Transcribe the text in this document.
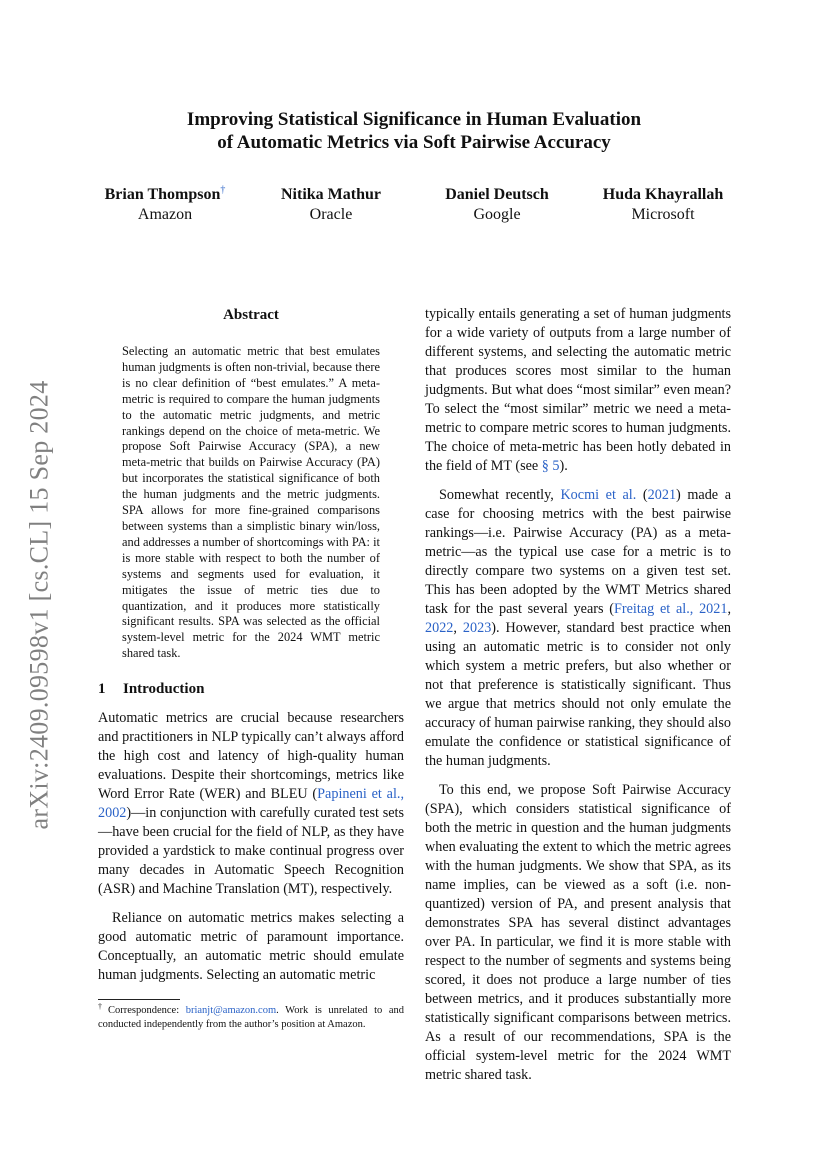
arXiv:2409.09598v1 [cs.CL] 15 Sep 2024
Improving Statistical Significance in Human Evaluation
of Automatic Metrics via Soft Pairwise Accuracy
Brian Thompson†
Amazon
Nitika Mathur
Oracle
Daniel Deutsch
Google
Huda Khayrallah
Microsoft
Abstract
Selecting an automatic metric that best emulates human judgments is often non-trivial, because there is no clear definition of “best emulates.” A meta-metric is required to compare the human judgments to the automatic metric judgments, and metric rankings depend on the choice of meta-metric. We propose Soft Pairwise Accuracy (SPA), a new meta-metric that builds on Pairwise Accuracy (PA) but incorporates the statistical significance of both the human judgments and the metric judgments. SPA allows for more fine-grained comparisons between systems than a simplistic binary win/loss, and addresses a number of shortcomings with PA: it is more stable with respect to both the number of systems and segments used for evaluation, it mitigates the issue of metric ties due to quantization, and it produces more statistically significant results. SPA was selected as the official system-level metric for the 2024 WMT metric shared task.
1 Introduction

Automatic metrics are crucial because researchers and practitioners in NLP typically can’t always afford the high cost and latency of high-quality human evaluations. Despite their shortcomings, metrics like Word Error Rate (WER) and BLEU (Papineni et al., 2002)—in conjunction with carefully curated test sets—have been crucial for the field of NLP, as they have provided a yardstick to make continual progress over many decades in Automatic Speech Recognition (ASR) and Machine Translation (MT), respectively.

Reliance on automatic metrics makes selecting a good automatic metric of paramount importance. Conceptually, an automatic metric should emulate human judgments. Selecting an automatic metric

† Correspondence: brianjt@amazon.com. Work is unrelated to and conducted independently from the author’s position at Amazon.

typically entails generating a set of human judgments for a wide variety of outputs from a large number of different systems, and selecting the automatic metric that produces scores most similar to the human judgments. But what does “most similar” even mean? To select the “most similar” metric we need a meta-metric to compare metric scores to human judgments. The choice of meta-metric has been hotly debated in the field of MT (see § 5).

Somewhat recently, Kocmi et al. (2021) made a case for choosing metrics with the best pairwise rankings—i.e. Pairwise Accuracy (PA) as a meta-metric—as the typical use case for a metric is to directly compare two systems on a given test set. This has been adopted by the WMT Metrics shared task for the past several years (Freitag et al., 2021, 2022, 2023). However, standard best practice when using an automatic metric is to consider not only which system a metric prefers, but also whether or not that preference is statistically significant. Thus we argue that metrics should not only emulate the accuracy of human pairwise ranking, they should also emulate the confidence or statistical significance of the human judgments.

To this end, we propose Soft Pairwise Accuracy (SPA), which considers statistical significance of both the metric in question and the human judgments when evaluating the extent to which the metric agrees with the human judgments. We show that SPA, as its name implies, can be viewed as a soft (i.e. non-quantized) version of PA, and present analysis that demonstrates SPA has several distinct advantages over PA. In particular, we find it is more stable with respect to the number of segments and systems being scored, it does not produce a large number of ties between metrics, and it produces substantially more statistically significant comparisons between metrics. As a result of our recommendations, SPA is the official system-level metric for the 2024 WMT metric shared task.
